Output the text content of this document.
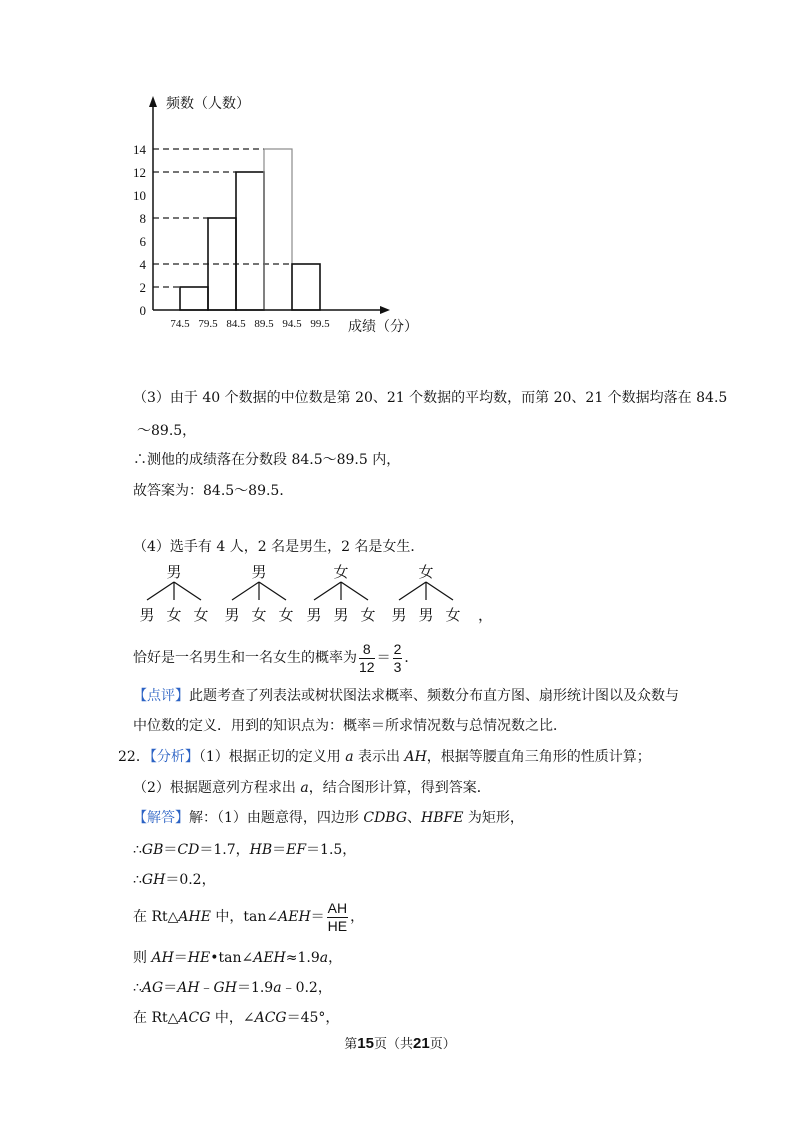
0
2
4
6
8
10
12
14
74.5 79.5 84.5 89.5 94.5 99.5
频数（人数）
成绩（分）
（3）由于 40 个数据的中位数是第 20、21 个数据的平均数，而第 20、21 个数据均落在 84.5
～89.5，
∴测他的成绩落在分数段 84.5～89.5 内，
故答案为：84.5～89.5．
（4）选手有 4 人，2 名是男生，2 名是女生．
男
男 女 女
男
男 女 女
女
男 男 女
女
男 男 女 ，
恰好是一名男生和一名女生的概率为 $\frac{8}{12} = \frac{2}{3}$ ．
【点评】此题考查了列表法或树状图法求概率、频数分布直方图、扇形统计图以及众数与
中位数的定义．用到的知识点为：概率＝所求情况数与总情况数之比．
22．【分析】（1）根据正切的定义用 a 表示出 AH，根据等腰直角三角形的性质计算；
（2）根据题意列方程求出 a，结合图形计算，得到答案．
【解答】解：（1）由题意得，四边形 CDBG、HBFE 为矩形，
∴GB＝CD＝1.7，HB＝EF＝1.5，
∴GH＝0.2，
在 Rt△AHE 中，tan∠AEH＝ $\frac{AH}{HE}$ ，
则 AH＝HE•tan∠AEH≈1.9a，
∴AG＝AH﹣GH＝1.9a﹣0.2，
在 Rt△ACG 中，∠ACG＝45°，
第15页（共21页）
